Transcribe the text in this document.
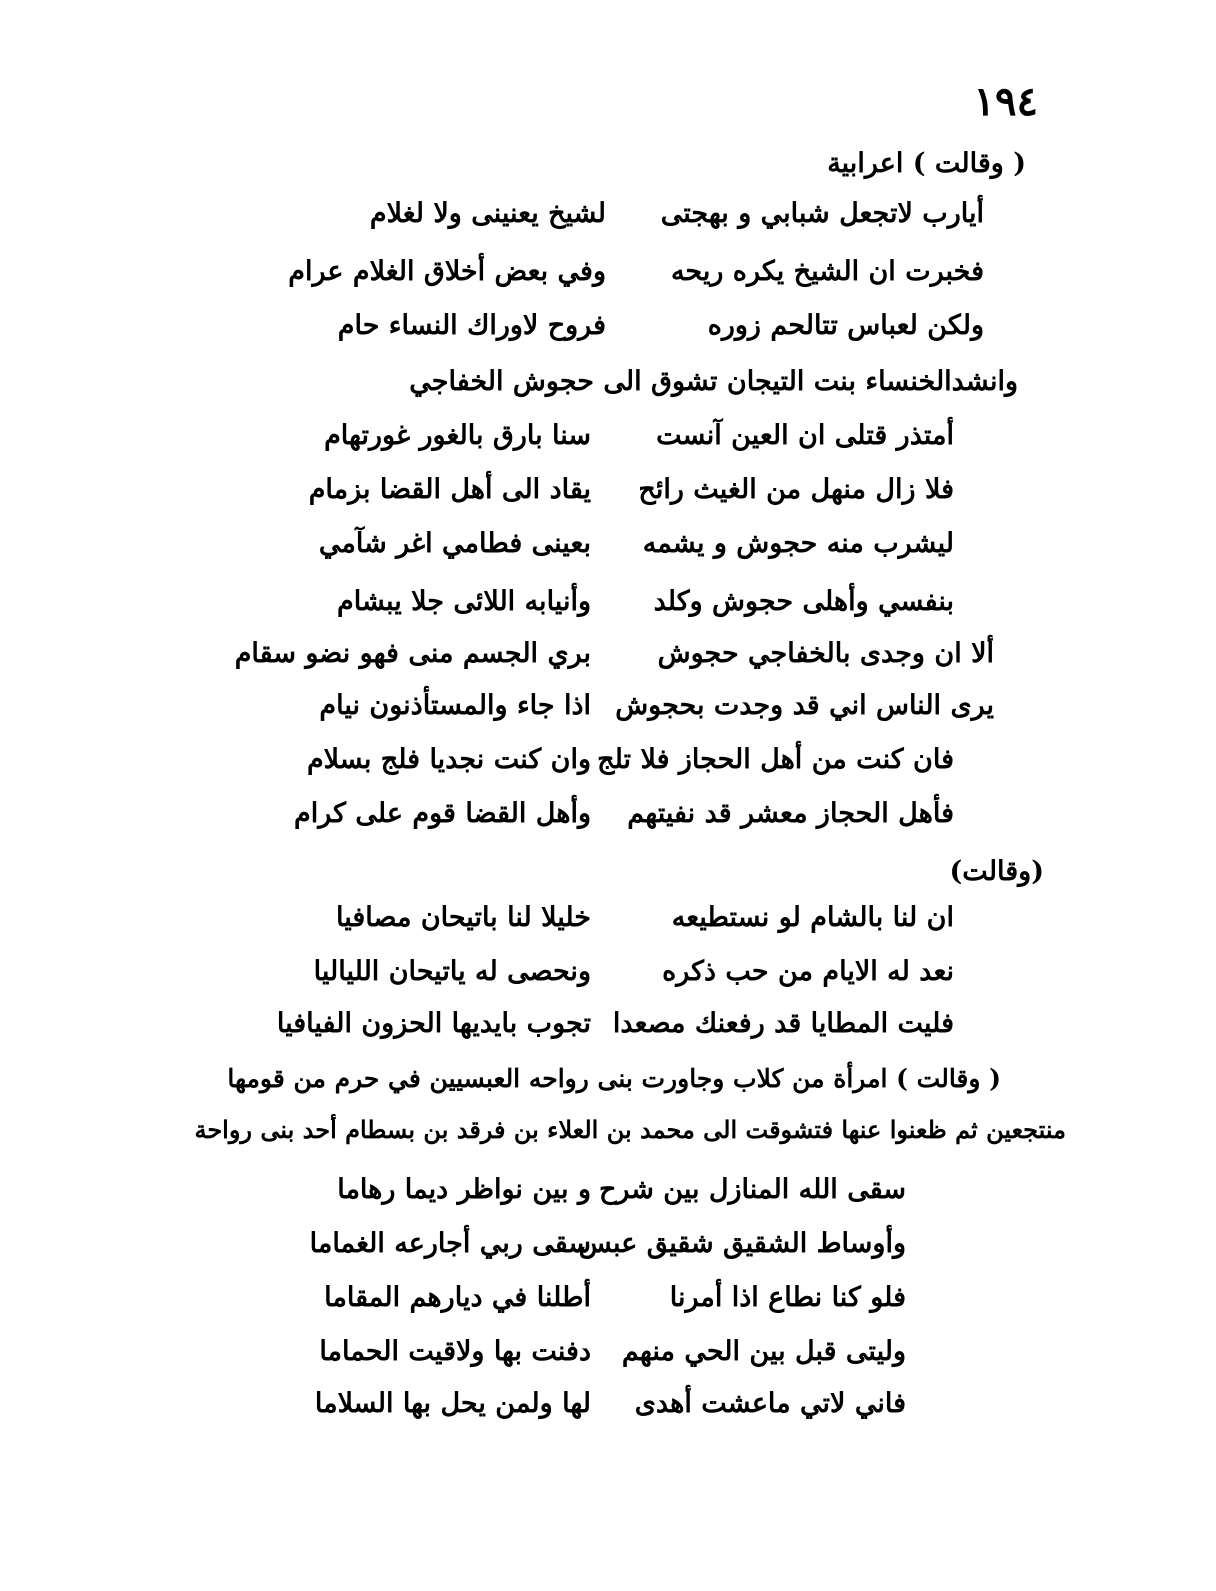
١٩٤
( وقالت ) اعرابية
أيارب لاتجعل شبابي و بهجتى
لشيخ يعنينى ولا لغلام
فخبرت ان الشيخ يكره ريحه
وفي بعض أخلاق الغلام عرام
ولكن لعباس تتالحم زوره
فروح لاوراك النساء حام
وانشدالخنساء بنت التيجان تشوق الى حجوش الخفاجي
أمتذر قتلى ان العين آنست
سنا بارق بالغور غورتهام
فلا زال منهل من الغيث رائح
يقاد الى أهل القضا بزمام
ليشرب منه حجوش و يشمه
بعينى فطامي اغر شآمي
بنفسي وأهلى حجوش وكلد
وأنيابه اللائى جلا يبشام
ألا ان وجدى بالخفاجي حجوش
بري الجسم منى فهو نضو سقام
يرى الناس اني قد وجدت بحجوش
اذا جاء والمستأذنون نيام
فان كنت من أهل الحجاز فلا تلج
وان كنت نجديا فلج بسلام
فأهل الحجاز معشر قد نفيتهم
وأهل القضا قوم على كرام
(وقالت)
ان لنا بالشام لو نستطيعه
خليلا لنا باتيحان مصافيا
نعد له الايام من حب ذكره
ونحصى له ياتيحان اللياليا
فليت المطايا قد رفعنك مصعدا
تجوب بايديها الحزون الفيافيا
( وقالت ) امرأة من كلاب وجاورت بنى رواحه العبسيين في حرم من قومها
منتجعين ثم ظعنوا عنها فتشوقت الى محمد بن العلاء بن فرقد بن بسطام أحد بنى رواحة
سقى الله المنازل بين شرح
و بين نواظر ديما رهاما
وأوساط الشقيق شقيق عبس
سقى ربي أجارعه الغماما
فلو كنا نطاع اذا أمرنا
أطلنا في ديارهم المقاما
وليتى قبل بين الحي منهم
دفنت بها ولاقيت الحماما
فاني لاتي ماعشت أهدى
لها ولمن يحل بها السلاما
